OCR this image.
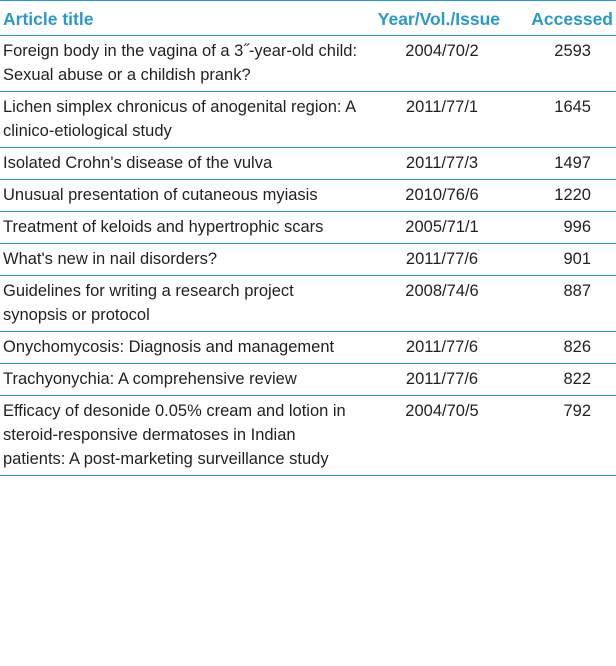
Article title	Year/Vol./Issue	Accessed
Foreign body in the vagina of a 3˝-year-old child: Sexual abuse or a childish prank?	2004/70/2	2593
Lichen simplex chronicus of anogenital region: A clinico-etiological study	2011/77/1	1645
Isolated Crohn's disease of the vulva	2011/77/3	1497
Unusual presentation of cutaneous myiasis	2010/76/6	1220
Treatment of keloids and hypertrophic scars	2005/71/1	996
What's new in nail disorders?	2011/77/6	901
Guidelines for writing a research project synopsis or protocol	2008/74/6	887
Onychomycosis: Diagnosis and management	2011/77/6	826
Trachyonychia: A comprehensive review	2011/77/6	822
Efficacy of desonide 0.05% cream and lotion in steroid-responsive dermatoses in Indian patients: A post-marketing surveillance study	2004/70/5	792
